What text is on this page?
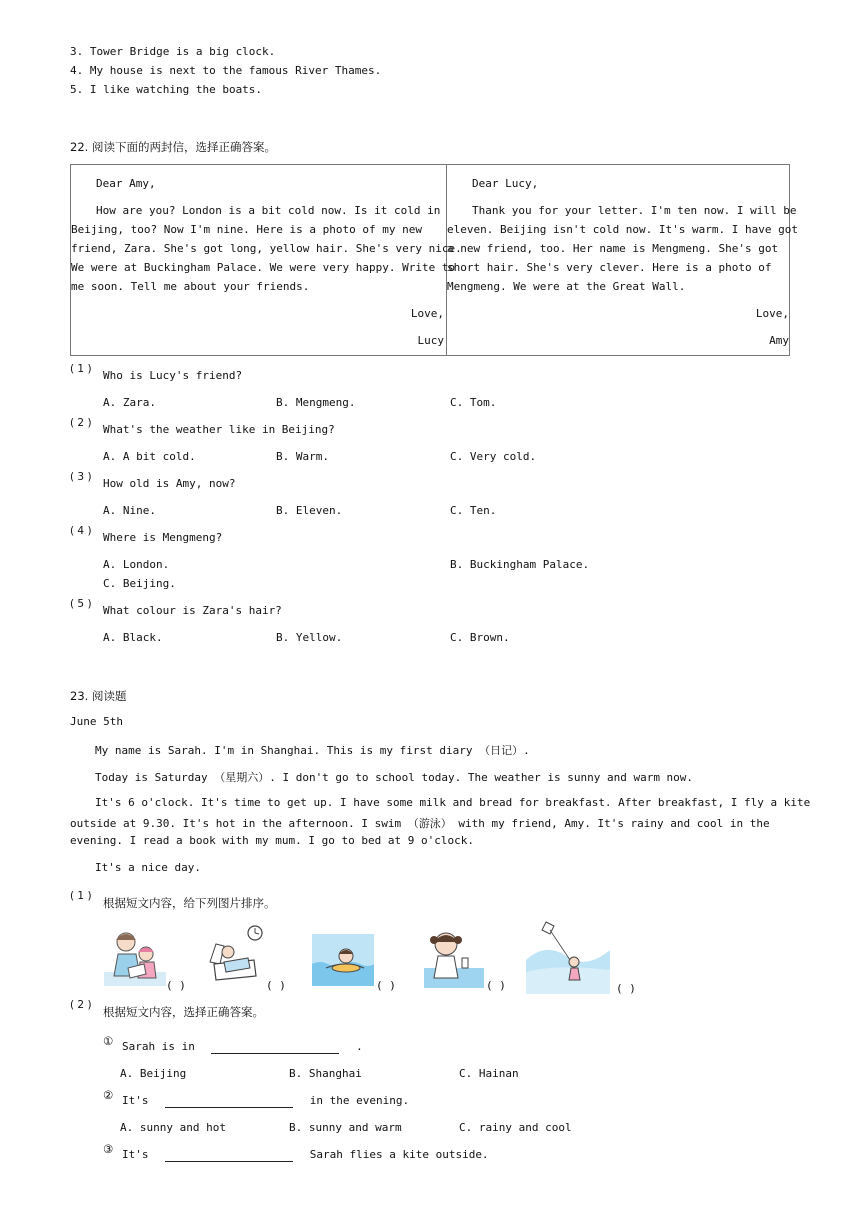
3. Tower Bridge is a big clock.
4. My house is next to the famous River Thames.
5. I like watching the boats.
22. 阅读下面的两封信，选择正确答案。
Dear Amy,
How are you? London is a bit cold now. Is it cold in
Beijing, too? Now I'm nine. Here is a photo of my new
friend, Zara. She's got long, yellow hair. She's very nice.
We were at Buckingham Palace. We were very happy. Write to
me soon. Tell me about your friends.
Love,
Lucy
Dear Lucy,
Thank you for your letter. I'm ten now. I will be
eleven. Beijing isn't cold now. It's warm. I have got
a new friend, too. Her name is Mengmeng. She's got
short hair. She's very clever. Here is a photo of
Mengmeng. We were at the Great Wall.
Love,
Amy
( 1 ) Who is Lucy's friend?
A. Zara.	B. Mengmeng.	C. Tom.
( 2 ) What's the weather like in Beijing?
A. A bit cold.	B. Warm.	C. Very cold.
( 3 ) How old is Amy, now?
A. Nine.	B. Eleven.	C. Ten.
( 4 ) Where is Mengmeng?
A. London.	B. Buckingham Palace.
C. Beijing.
( 5 ) What colour is Zara's hair?
A. Black.	B. Yellow.	C. Brown.
23. 阅读题
June 5th
My name is Sarah. I'm in Shanghai. This is my first diary （日记）.
Today is Saturday （星期六）. I don't go to school today. The weather is sunny and warm now.
It's 6 o'clock. It's time to get up. I have some milk and bread for breakfast. After breakfast, I fly a kite
outside at 9.30. It's hot in the afternoon. I swim （游泳） with my friend, Amy. It's rainy and cool in the
evening. I read a book with my mum. I go to bed at 9 o'clock.
It's a nice day.
( 1 ) 根据短文内容，给下列图片排序。
( )	( )	( )	( )	( )
( 2 ) 根据短文内容，选择正确答案。
① Sarah is in	.
A. Beijing	B. Shanghai	C. Hainan
② It's	in the evening.
A. sunny and hot	B. sunny and warm	C. rainy and cool
③ It's	Sarah flies a kite outside.
